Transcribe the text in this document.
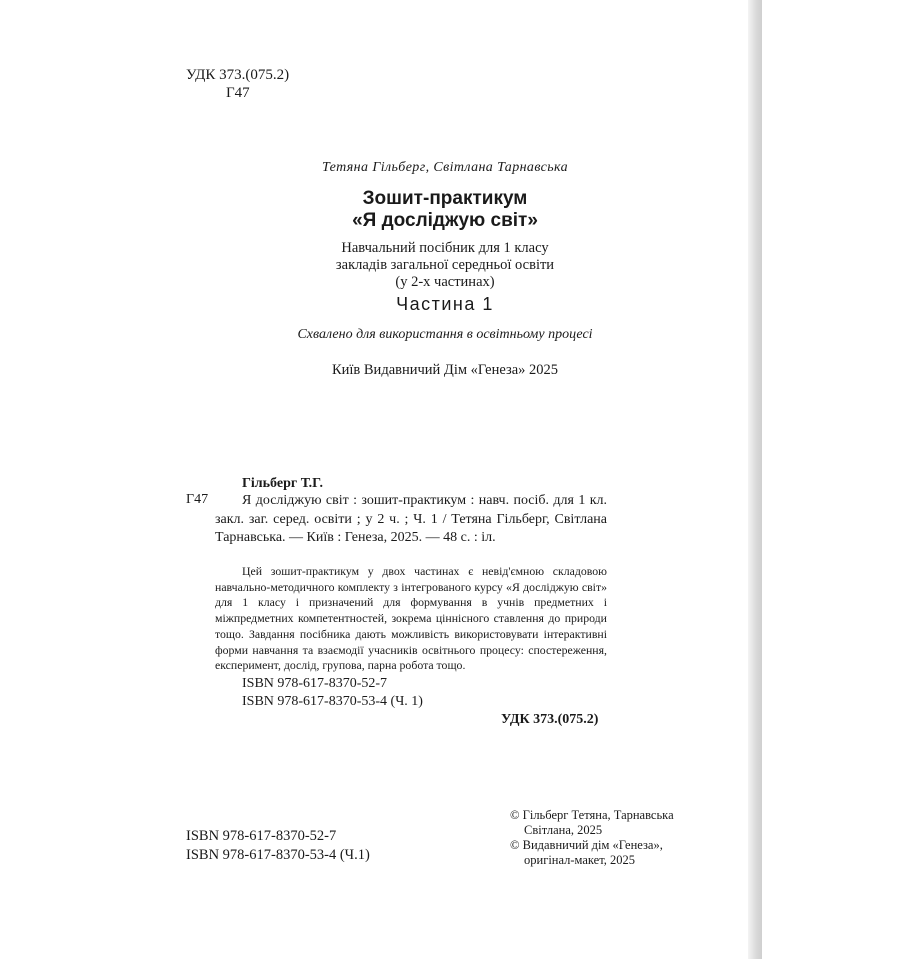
УДК 373.(075.2)
Г47
Тетяна Гільберг, Світлана Тарнавська
Зошит-практикум
«Я досліджую світ»
Навчальний посібник для 1 класу
закладів загальної середньої освіти
(у 2-х частинах)
Частина 1
Схвалено для використання в освітньому процесі
Київ Видавничий Дім «Генеза» 2025
Гільберг Т.Г.
Г47	Я досліджую світ : зошит-практикум : навч. посіб. для 1 кл. закл. заг. серед. освіти ; у 2 ч. ; Ч. 1 / Тетяна Гільберг, Світлана Тарнавська. — Київ : Генеза, 2025. — 48 с. : іл.
Цей зошит-практикум у двох частинах є невід'ємною складовою навчально-методичного комплекту з інтегрованого курсу «Я досліджую світ» для 1 класу і призначений для формування в учнів предметних і міжпредметних компетентностей, зокрема ціннісного ставлення до природи тощо. Завдання посібника дають можливість використовувати інтерактивні форми навчання та взаємодії учасників освітнього процесу: спостереження, експеримент, дослід, групова, парна робота тощо.
ISBN 978-617-8370-52-7
ISBN 978-617-8370-53-4 (Ч. 1)
УДК 373.(075.2)
© Гільберг Тетяна, Тарнавська
Світлана, 2025
© Видавничий дім «Генеза»,
оригінал-макет, 2025
ISBN 978-617-8370-52-7
ISBN 978-617-8370-53-4 (Ч.1)
